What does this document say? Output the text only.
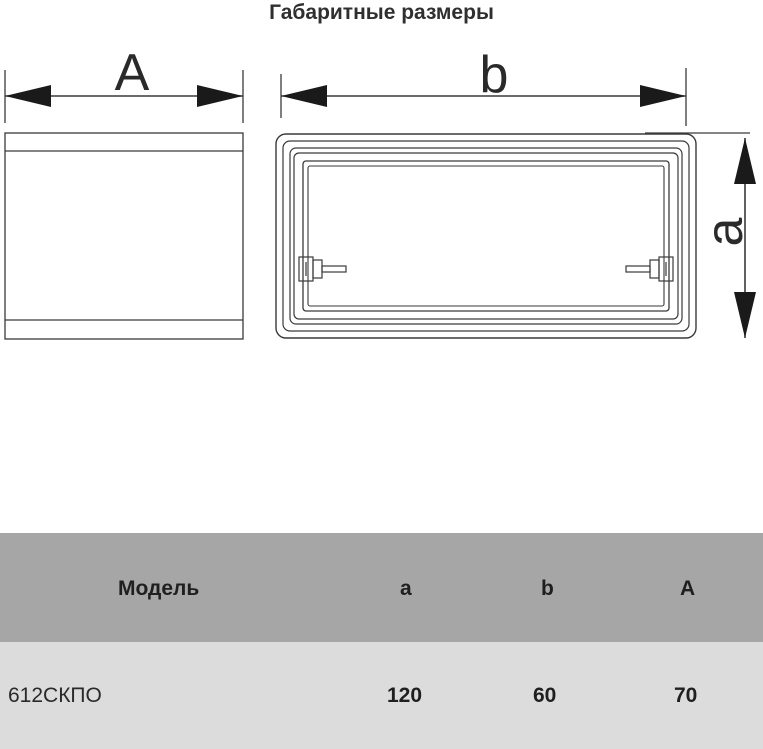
Габаритные размеры
A	b
a
Модель	a	b	A
612СКПО	120	60	70
